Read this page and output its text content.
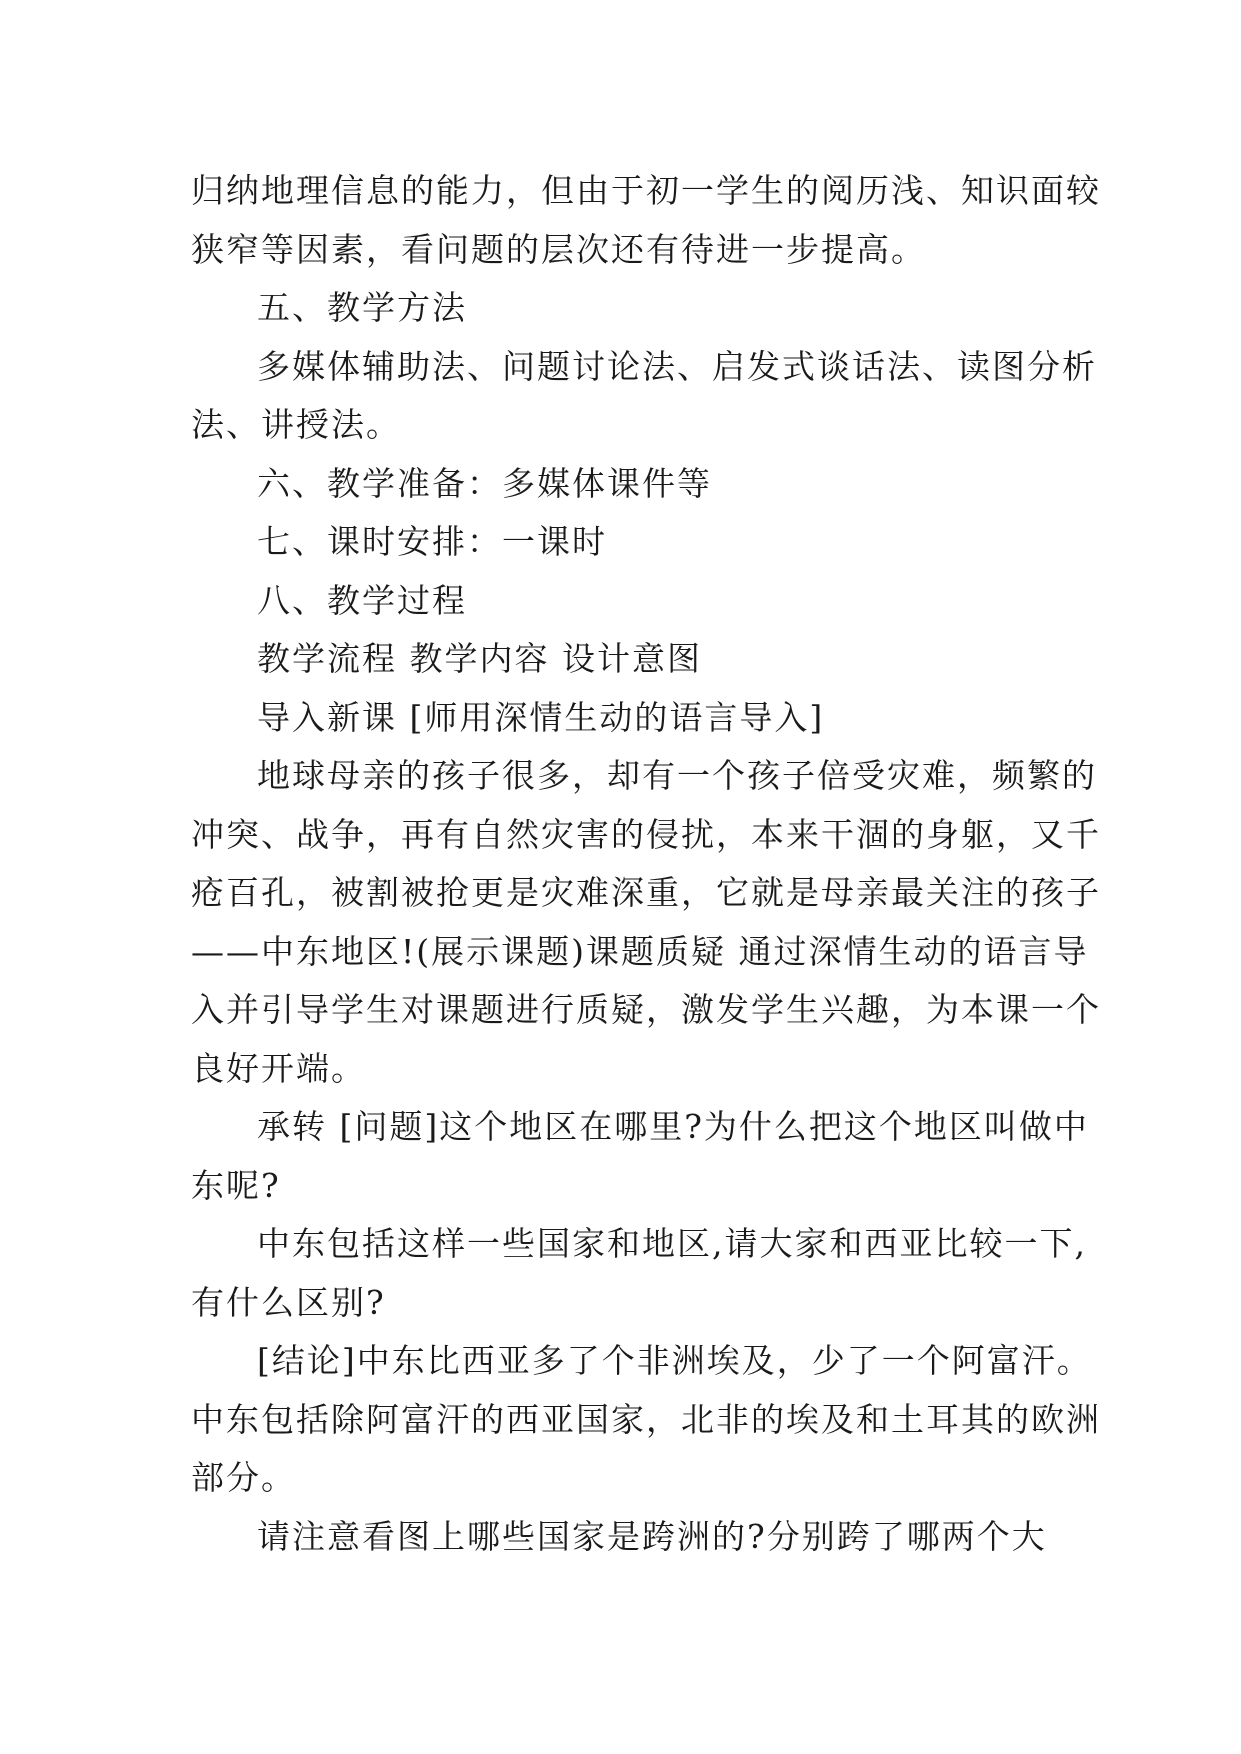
归纳地理信息的能力，但由于初一学生的阅历浅、知识面较
狭窄等因素，看问题的层次还有待进一步提高。
五、教学方法
多媒体辅助法、问题讨论法、启发式谈话法、读图分析
法、讲授法。
六、教学准备：多媒体课件等
七、课时安排：一课时
八、教学过程
教学流程 教学内容 设计意图
导入新课 [师用深情生动的语言导入]
地球母亲的孩子很多，却有一个孩子倍受灾难，频繁的
冲突、战争，再有自然灾害的侵扰，本来干涸的身躯，又千
疮百孔，被割被抢更是灾难深重，它就是母亲最关注的孩子
——中东地区!(展示课题)课题质疑 通过深情生动的语言导
入并引导学生对课题进行质疑，激发学生兴趣，为本课一个
良好开端。
承转 [问题]这个地区在哪里?为什么把这个地区叫做中
东呢?
中东包括这样一些国家和地区,请大家和西亚比较一下,
有什么区别?
[结论]中东比西亚多了个非洲埃及，少了一个阿富汗。
中东包括除阿富汗的西亚国家，北非的埃及和土耳其的欧洲
部分。
请注意看图上哪些国家是跨洲的?分别跨了哪两个大
